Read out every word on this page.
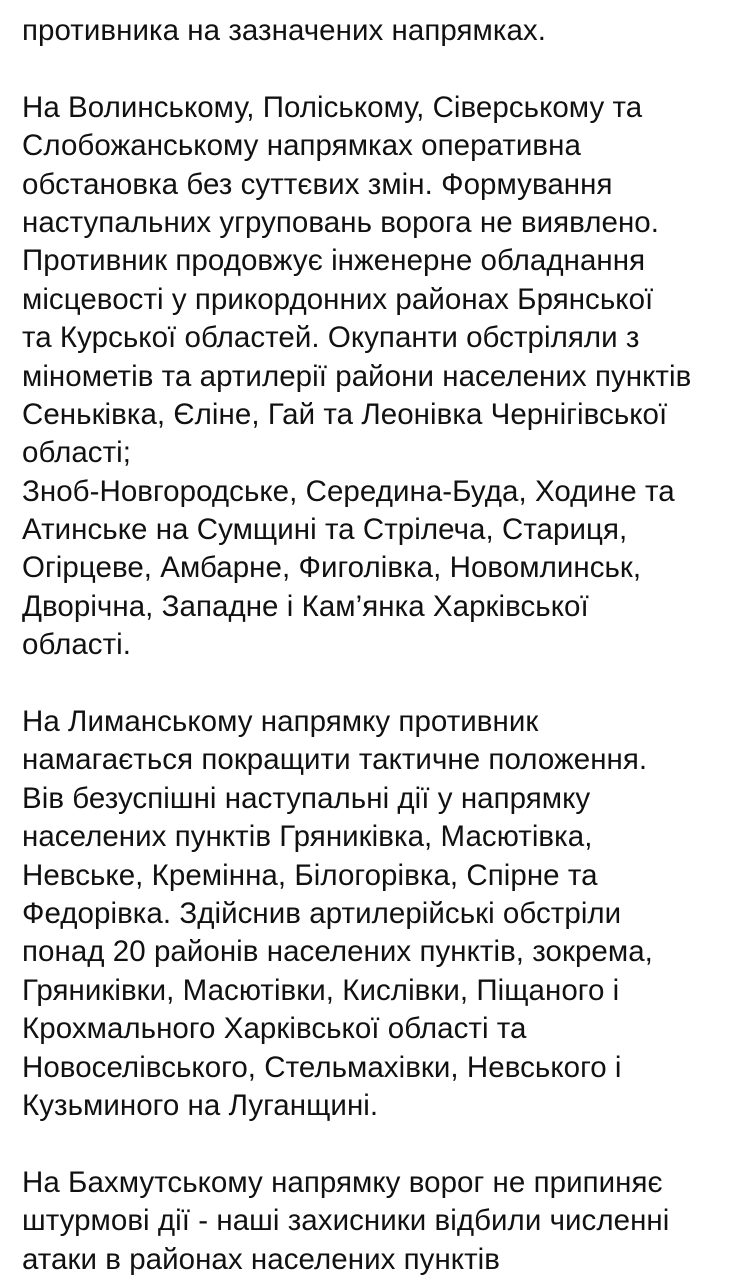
противника на зазначених напрямках.
На Волинському, Поліському, Сіверському та
Слобожанському напрямках оперативна
обстановка без суттєвих змін. Формування
наступальних угруповань ворога не виявлено.
Противник продовжує інженерне обладнання
місцевості у прикордонних районах Брянської
та Курської областей. Окупанти обстріляли з
мінометів та артилерії райони населених пунктів
Сеньківка, Єліне, Гай та Леонівка Чернігівської
області;
Зноб-Новгородське, Середина-Буда, Ходине та
Атинське на Сумщині та Стрілеча, Стариця,
Огірцеве, Амбарне, Фиголівка, Новомлинськ,
Дворічна, Западне і Кам’янка Харківської
області.
На Лиманському напрямку противник
намагається покращити тактичне положення.
Вів безуспішні наступальні дії у напрямку
населених пунктів Гряниківка, Масютівка,
Невське, Кремінна, Білогорівка, Спірне та
Федорівка. Здійснив артилерійські обстріли
понад 20 районів населених пунктів, зокрема,
Гряниківки, Масютівки, Кислівки, Піщаного і
Крохмального Харківської області та
Новоселівського, Стельмахівки, Невського і
Кузьминого на Луганщині.
На Бахмутському напрямку ворог не припиняє
штурмові дії - наші захисники відбили численні
атаки в районах населених пунктів
